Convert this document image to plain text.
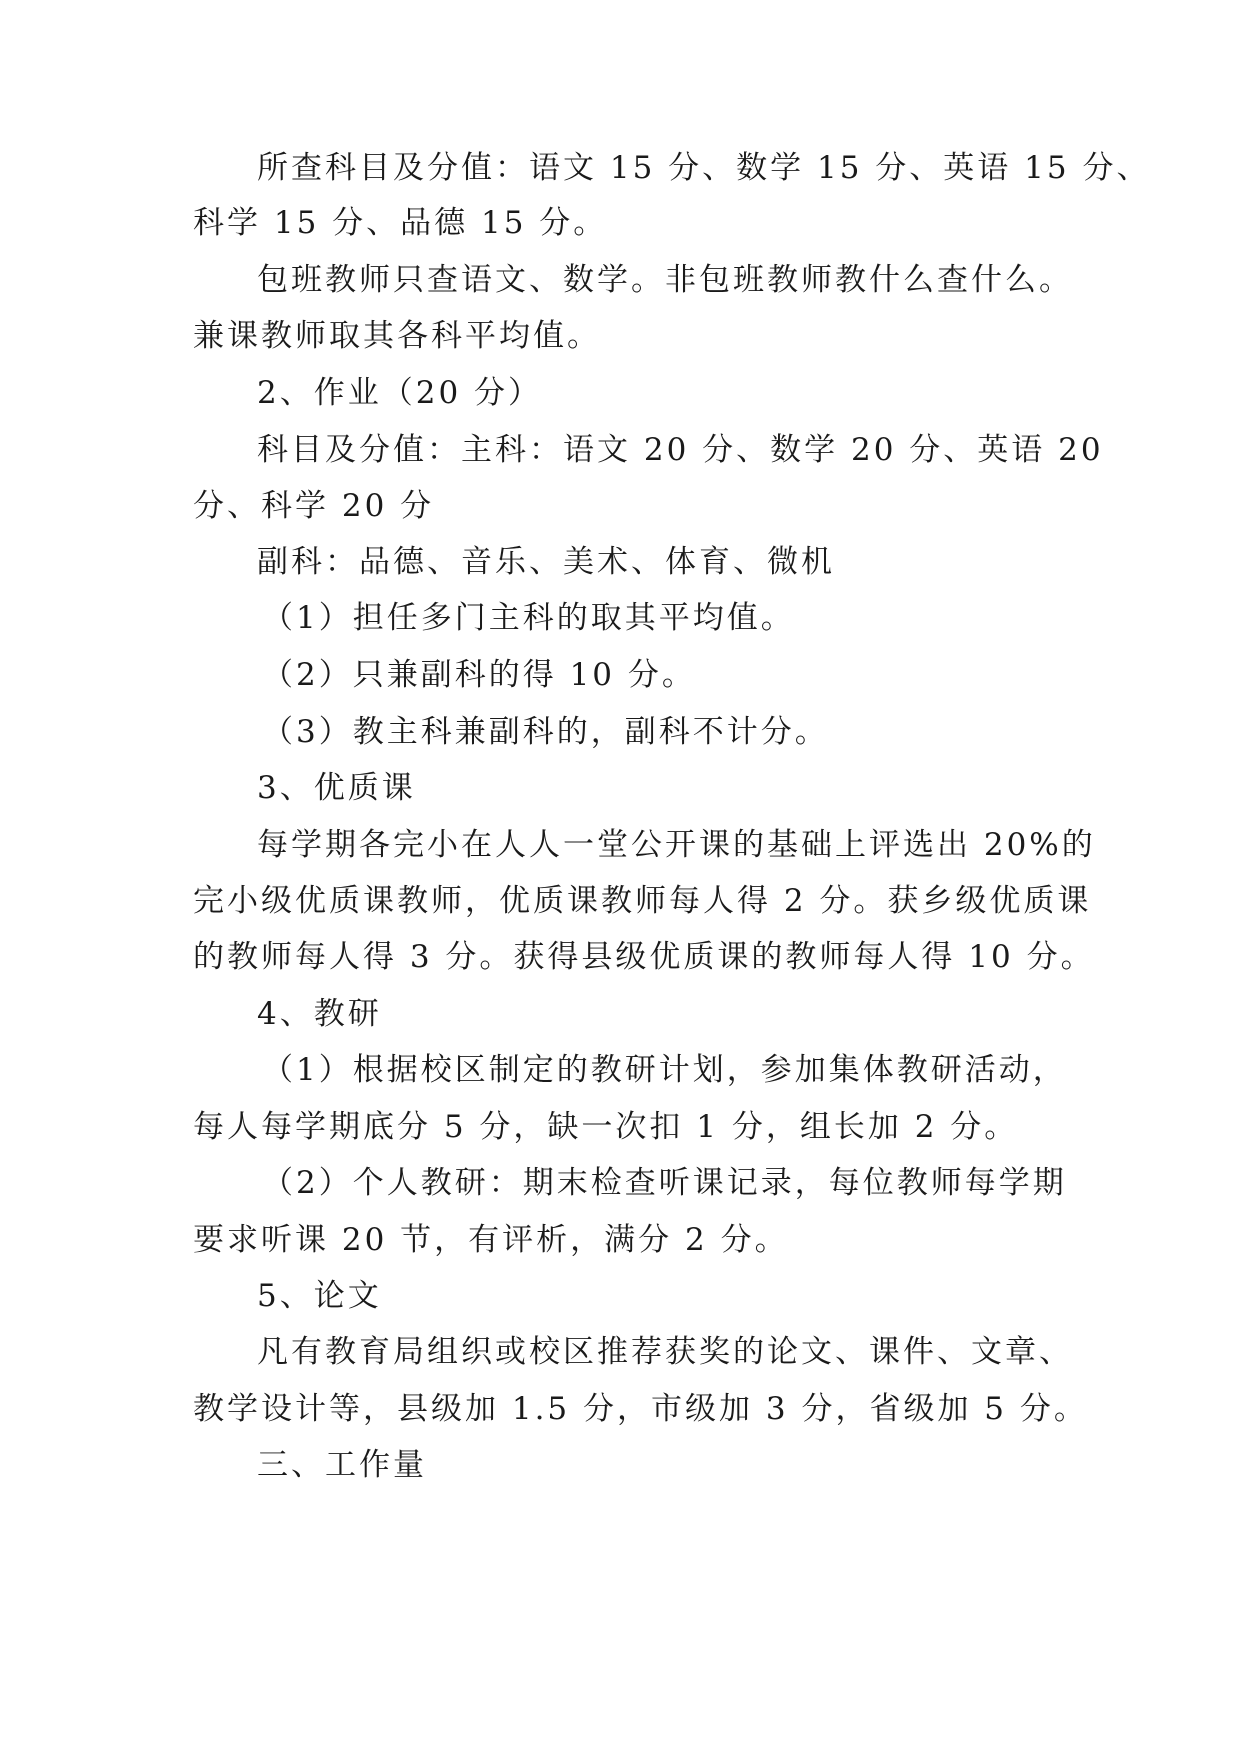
所查科目及分值：语文 15 分、数学 15 分、英语 15 分、
科学 15 分、品德 15 分。
包班教师只查语文、数学。非包班教师教什么查什么。
兼课教师取其各科平均值。
2、作业（20 分）
科目及分值：主科：语文 20 分、数学 20 分、英语 20
分、科学 20 分
副科：品德、音乐、美术、体育、微机
（1）担任多门主科的取其平均值。
（2）只兼副科的得 10 分。
（3）教主科兼副科的，副科不计分。
3、优质课
每学期各完小在人人一堂公开课的基础上评选出 20%的
完小级优质课教师，优质课教师每人得 2 分。获乡级优质课
的教师每人得 3 分。获得县级优质课的教师每人得 10 分。
4、教研
（1）根据校区制定的教研计划，参加集体教研活动，
每人每学期底分 5 分，缺一次扣 1 分，组长加 2 分。
（2）个人教研：期末检查听课记录，每位教师每学期
要求听课 20 节，有评析，满分 2 分。
5、论文
凡有教育局组织或校区推荐获奖的论文、课件、文章、
教学设计等，县级加 1.5 分，市级加 3 分，省级加 5 分。
三、工作量
